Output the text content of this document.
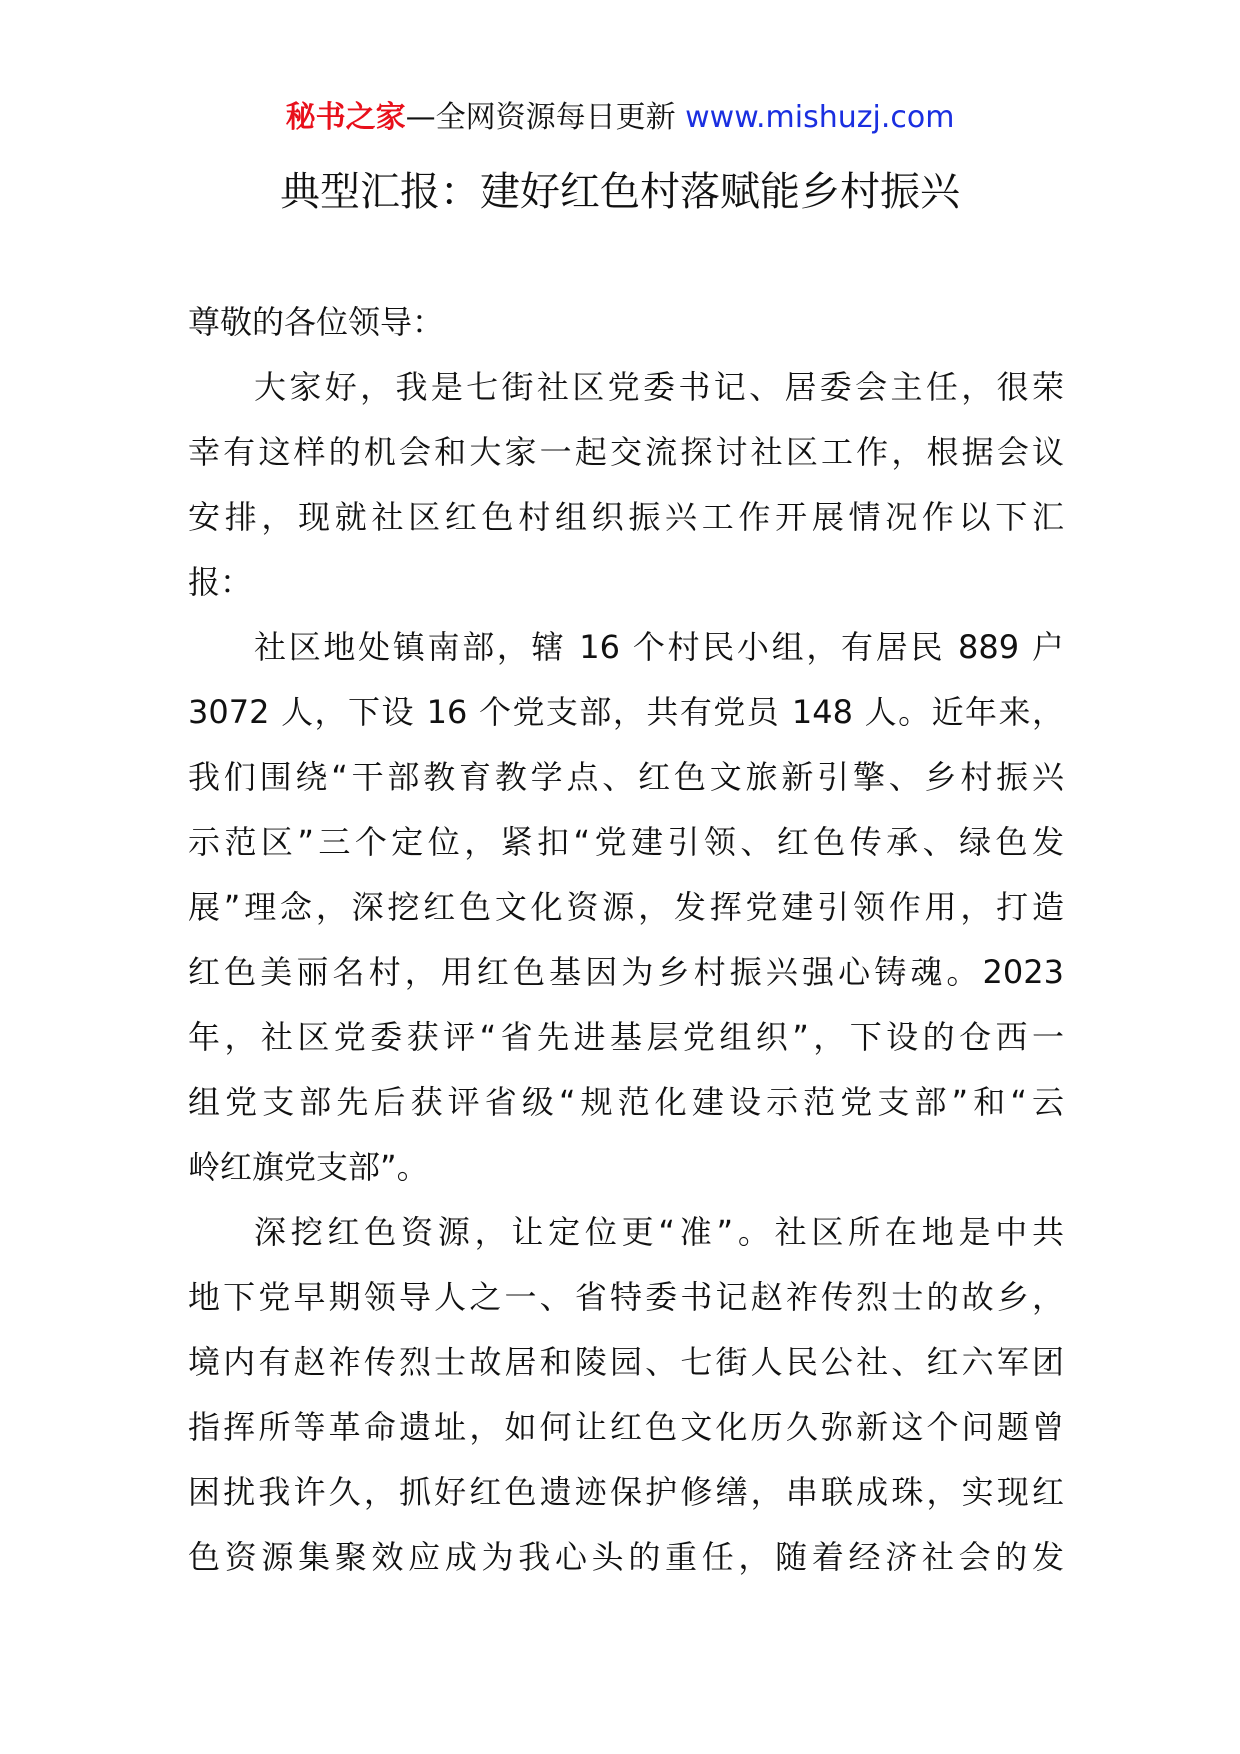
秘书之家—全网资源每日更新 www.mishuzj.com
典型汇报：建好红色村落赋能乡村振兴
尊敬的各位领导：
大家好，我是七街社区党委书记、居委会主任，很荣
幸有这样的机会和大家一起交流探讨社区工作，根据会议
安排，现就社区红色村组织振兴工作开展情况作以下汇
报：
社区地处镇南部，辖 16 个村民小组，有居民 889 户
3072 人，下设 16 个党支部，共有党员 148 人。近年来，
我们围绕“干部教育教学点、红色文旅新引擎、乡村振兴
示范区”三个定位，紧扣“党建引领、红色传承、绿色发
展”理念，深挖红色文化资源，发挥党建引领作用，打造
红色美丽名村，用红色基因为乡村振兴强心铸魂。2023
年，社区党委获评“省先进基层党组织”，下设的仓西一
组党支部先后获评省级“规范化建设示范党支部”和“云
岭红旗党支部”。
深挖红色资源，让定位更“准”。社区所在地是中共
地下党早期领导人之一、省特委书记赵祚传烈士的故乡，
境内有赵祚传烈士故居和陵园、七街人民公社、红六军团
指挥所等革命遗址，如何让红色文化历久弥新这个问题曾
困扰我许久，抓好红色遗迹保护修缮，串联成珠，实现红
色资源集聚效应成为我心头的重任，随着经济社会的发
